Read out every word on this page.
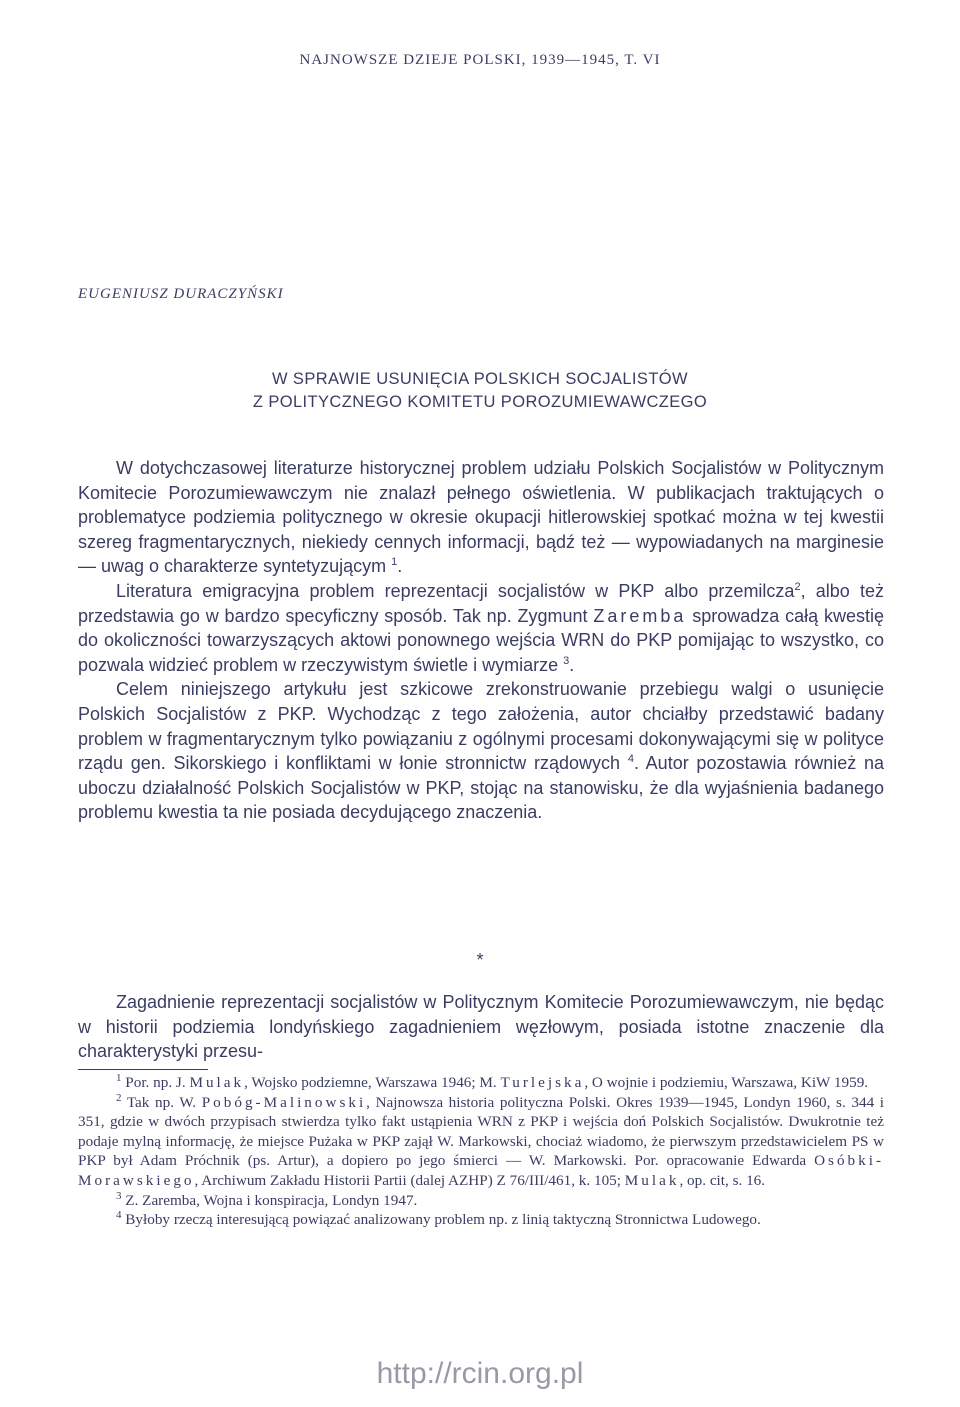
NAJNOWSZE DZIEJE POLSKI, 1939—1945, T. VI
EUGENIUSZ DURACZYŃSKI
W SPRAWIE USUNIĘCIA POLSKICH SOCJALISTÓW
Z POLITYCZNEGO KOMITETU POROZUMIEWAWCZEGO

W dotychczasowej literaturze historycznej problem udziału Polskich Socjalistów w Politycznym Komitecie Porozumiewawczym nie znalazł pełnego oświetlenia. W publikacjach traktujących o problematyce podziemia politycznego w okresie okupacji hitlerowskiej spotkać można w tej kwestii szereg fragmentarycznych, niekiedy cennych informacji, bądź też — wypowiadanych na marginesie — uwag o charakterze syntetyzującym $^1$.

Literatura emigracyjna problem reprezentacji socjalistów w PKP albo przemilcza$^2$, albo też przedstawia go w bardzo specyficzny sposób. Tak np. Zygmunt Zaremba sprowadza całą kwestię do okoliczności towarzyszących aktowi ponownego wejścia WRN do PKP pomijając to wszystko, co pozwala widzieć problem w rzeczywistym świetle i wymiarze $^3$.

Celem niniejszego artykułu jest szkicowe zrekonstruowanie przebiegu walgi o usunięcie Polskich Socjalistów z PKP. Wychodząc z tego założenia, autor chciałby przedstawić badany problem w fragmentarycznym tylko powiązaniu z ogólnymi procesami dokonywającymi się w polityce rządu gen. Sikorskiego i konfliktami w łonie stronnictw rządowych $^4$. Autor pozostawia również na uboczu działalność Polskich Socjalistów w PKP, stojąc na stanowisku, że dla wyjaśnienia badanego problemu kwestia ta nie posiada decydującego znaczenia.

*

Zagadnienie reprezentacji socjalistów w Politycznym Komitecie Porozumiewawczym, nie będąc w historii podziemia londyńskiego zagadnieniem węzłowym, posiada istotne znaczenie dla charakterystyki przesu-

$^1$ Por. np. J. Mulak, Wojsko podziemne, Warszawa 1946; M. Turlejska, O wojnie i podziemiu, Warszawa, KiW 1959.

$^2$ Tak np. W. Pobóg-Malinowski, Najnowsza historia polityczna Polski. Okres 1939—1945, Londyn 1960, s. 344 i 351, gdzie w dwóch przypisach stwierdza tylko fakt ustąpienia WRN z PKP i wejścia doń Polskich Socjalistów. Dwukrotnie też podaje mylną informację, że miejsce Pużaka w PKP zajął W. Markowski, chociaż wiadomo, że pierwszym przedstawicielem PS w PKP był Adam Próchnik (ps. Artur), a dopiero po jego śmierci — W. Markowski. Por. opracowanie Edwarda Osóbki-Morawskiego, Archiwum Zakładu Historii Partii (dalej AZHP) Z 76/III/461, k. 105; Mulak, op. cit, s. 16.

$^3$ Z. Zaremba, Wojna i konspiracja, Londyn 1947.

$^4$ Byłoby rzeczą interesującą powiązać analizowany problem np. z linią taktyczną Stronnictwa Ludowego.

http://rcin.org.pl
